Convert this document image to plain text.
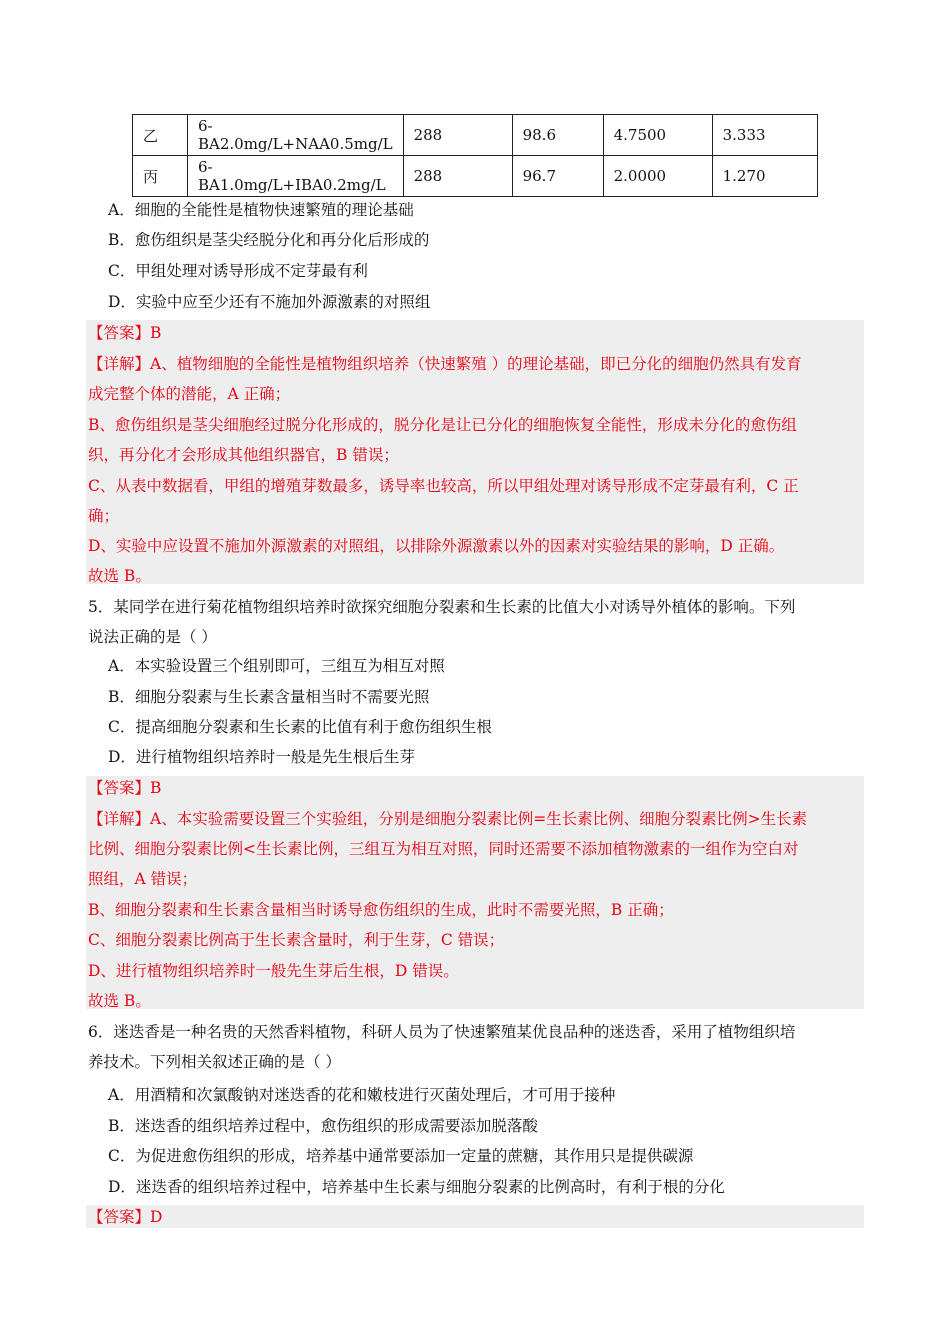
乙	6-BA2.0mg/L+NAA0.5mg/L	288	98.6	4.7500	3.333
丙	6-BA1.0mg/L+IBA0.2mg/L	288	96.7	2.0000	1.270
A．细胞的全能性是植物快速繁殖的理论基础
B．愈伤组织是茎尖经脱分化和再分化后形成的
C．甲组处理对诱导形成不定芽最有利
D．实验中应至少还有不施加外源激素的对照组
【答案】B
【详解】A、植物细胞的全能性是植物组织培养（快速繁殖 ）的理论基础，即已分化的细胞仍然具有发育
成完整个体的潜能，A 正确；
B、愈伤组织是茎尖细胞经过脱分化形成的，脱分化是让已分化的细胞恢复全能性，形成未分化的愈伤组
织，再分化才会形成其他组织器官，B 错误；
C、从表中数据看，甲组的增殖芽数最多，诱导率也较高，所以甲组处理对诱导形成不定芽最有利，C 正
确；
D、实验中应设置不施加外源激素的对照组，以排除外源激素以外的因素对实验结果的影响，D 正确。
故选 B。
5．某同学在进行菊花植物组织培养时欲探究细胞分裂素和生长素的比值大小对诱导外植体的影响。下列
说法正确的是（ ）
A．本实验设置三个组别即可，三组互为相互对照
B．细胞分裂素与生长素含量相当时不需要光照
C．提高细胞分裂素和生长素的比值有利于愈伤组织生根
D．进行植物组织培养时一般是先生根后生芽
【答案】B
【详解】A、本实验需要设置三个实验组，分别是细胞分裂素比例=生长素比例、细胞分裂素比例>生长素
比例、细胞分裂素比例<生长素比例，三组互为相互对照，同时还需要不添加植物激素的一组作为空白对
照组，A 错误；
B、细胞分裂素和生长素含量相当时诱导愈伤组织的生成，此时不需要光照，B 正确；
C、细胞分裂素比例高于生长素含量时，利于生芽，C 错误；
D、进行植物组织培养时一般先生芽后生根，D 错误。
故选 B。
6．迷迭香是一种名贵的天然香料植物，科研人员为了快速繁殖某优良品种的迷迭香，采用了植物组织培
养技术。下列相关叙述正确的是（ ）
A．用酒精和次氯酸钠对迷迭香的花和嫩枝进行灭菌处理后，才可用于接种
B．迷迭香的组织培养过程中，愈伤组织的形成需要添加脱落酸
C．为促进愈伤组织的形成，培养基中通常要添加一定量的蔗糖，其作用只是提供碳源
D．迷迭香的组织培养过程中，培养基中生长素与细胞分裂素的比例高时，有利于根的分化
【答案】D
